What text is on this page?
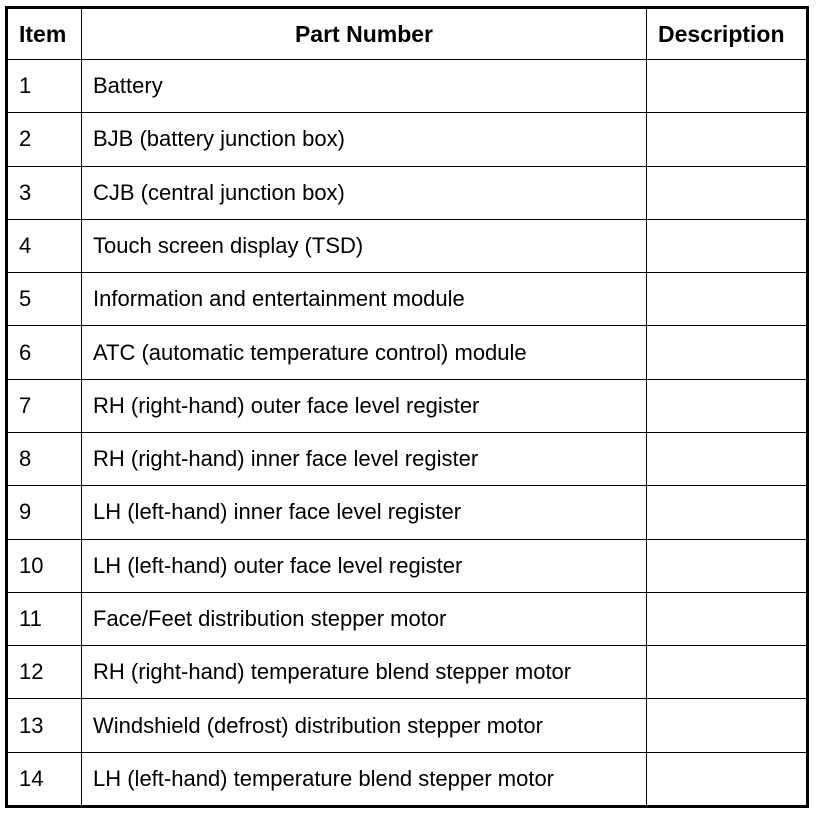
Item	Part Number	Description
1	Battery	
2	BJB (battery junction box)	
3	CJB (central junction box)	
4	Touch screen display (TSD)	
5	Information and entertainment module	
6	ATC (automatic temperature control) module	
7	RH (right-hand) outer face level register	
8	RH (right-hand) inner face level register	
9	LH (left-hand) inner face level register	
10	LH (left-hand) outer face level register	
11	Face/Feet distribution stepper motor	
12	RH (right-hand) temperature blend stepper motor	
13	Windshield (defrost) distribution stepper motor	
14	LH (left-hand) temperature blend stepper motor	
